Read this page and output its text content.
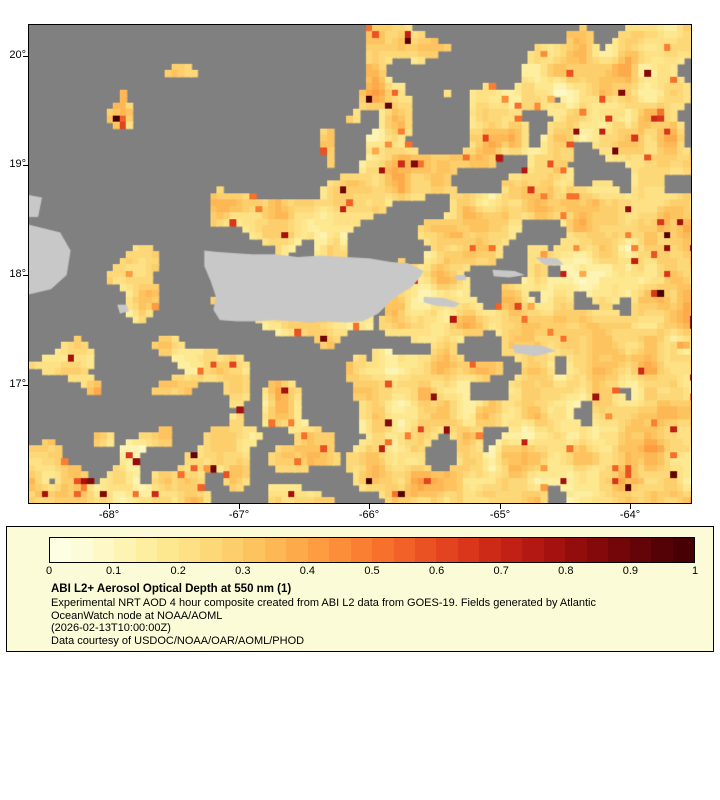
20°
19°
18°
17°
-68°	-67°	-66°	-65°	-64°
0	0.1	0.2	0.3	0.4	0.5	0.6	0.7	0.8	0.9	1
ABI L2+ Aerosol Optical Depth at 550 nm (1)
Experimental NRT AOD 4 hour composite created from ABI L2 data from GOES-19. Fields generated by Atlantic
OceanWatch node at NOAA/AOML
(2026-02-13T10:00:00Z)
Data courtesy of USDOC/NOAA/OAR/AOML/PHOD
